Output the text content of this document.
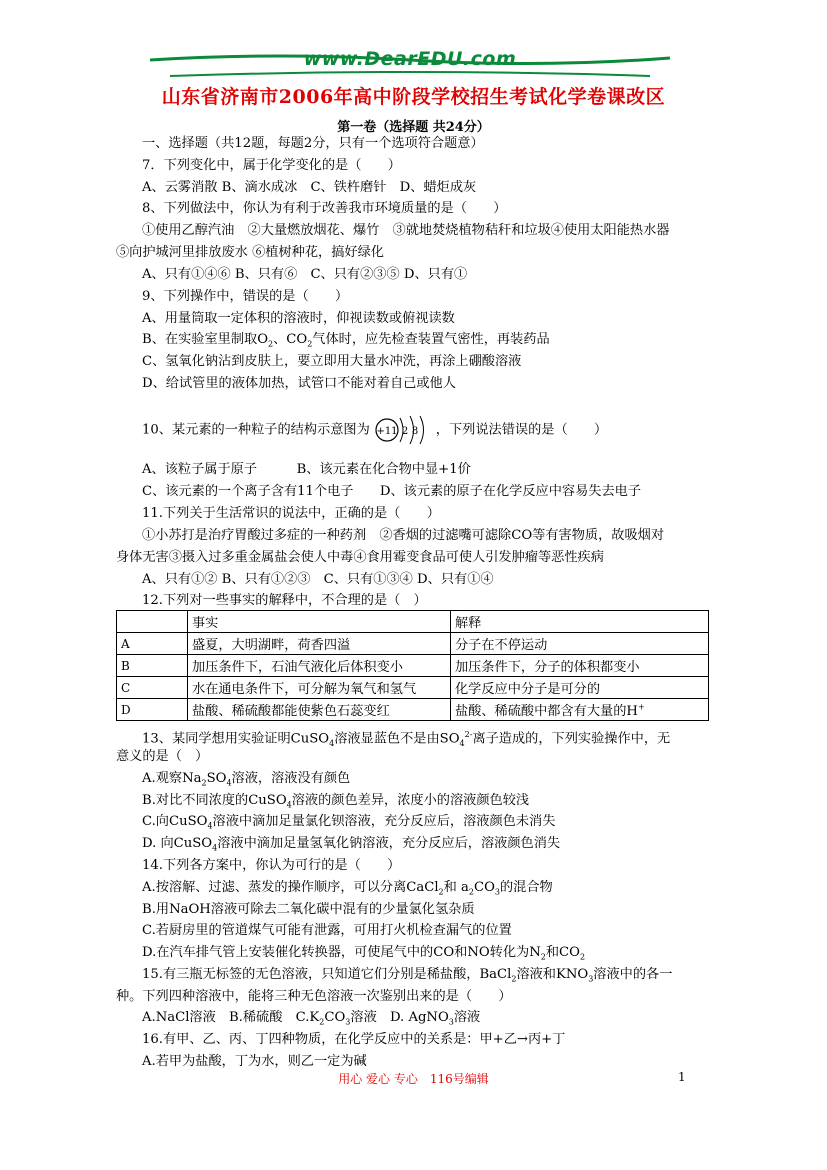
www.DearEDU.com
山东省济南市2006年高中阶段学校招生考试化学卷课改区
第一卷（选择题 共24分）
一、选择题（共12题，每题2分，只有一个选项符合题意）
7．下列变化中，属于化学变化的是（　　）
A、云雾消散 B、滴水成冰　C、铁杵磨针　D、蜡炬成灰
8、下列做法中，你认为有利于改善我市环境质量的是（　　）
①使用乙醇汽油　②大量燃放烟花、爆竹　③就地焚烧植物秸秆和垃圾④使用太阳能热水器
⑤向护城河里排放废水 ⑥植树种花，搞好绿化
A、只有①④⑥ B、只有⑥　C、只有②③⑤ D、只有①
9、下列操作中，错误的是（　　）
A、用量筒取一定体积的溶液时，仰视读数或俯视读数
C、氢氧化钠沾到皮肤上，要立即用大量水冲洗，再涂上硼酸溶液
D、给试管里的液体加热，试管口不能对着自己或他人
A、该粒子属于原子　　　B、该元素在化合物中显+1价
C、该元素的一个离子含有11个电子　　D、该元素的原子在化学反应中容易失去电子
11.下列关于生活常识的说法中，正确的是（　　）
①小苏打是治疗胃酸过多症的一种药剂　②香烟的过滤嘴可滤除CO等有害物质，故吸烟对
身体无害③摄入过多重金属盐会使人中毒④食用霉变食品可使人引发肿瘤等恶性疾病
A、只有①② B、只有①②③　C、只有①③④ D、只有①④
12.下列对一些事实的解释中，不合理的是（　）
意义的是（　）
14.下列各方案中，你认为可行的是（　　）
B.用NaOH溶液可除去二氧化碳中混有的少量氯化氢杂质
C.若厨房里的管道煤气可能有泄露，可用打火机检查漏气的位置
种。下列四种溶液中，能将三种无色溶液一次鉴别出来的是（　　）
16.有甲、乙、丙、丁四种物质，在化学反应中的关系是：甲+乙→丙+丁
A.若甲为盐酸，丁为水，则乙一定为碱
B、在实验室里制取$O_2$、$CO_2$气体时，应先检查装置气密性，再装药品
10、某元素的一种粒子的结构示意图为 +11 2 8 ，下列说法错误的是（　　）
	事实	解释
A	盛夏，大明湖畔，荷香四溢	分子在不停运动
B	加压条件下，石油气液化后体积变小	加压条件下，分子的体积都变小
C	水在通电条件下，可分解为氧气和氢气	化学反应中分子是可分的
D	盐酸、稀硫酸都能使紫色石蕊变红	盐酸、稀硫酸中都含有大量的H+
13、某同学想用实验证明CuSO$_4$溶液显蓝色不是由$SO_4^{2-}$离子造成的，下列实验操作中，无
A.观察$Na_2SO_4$溶液，溶液没有颜色
B.对比不同浓度的CuSO$_4$溶液的颜色差异，浓度小的溶液颜色较浅
C.向CuSO$_4$溶液中滴加足量氯化钡溶液，充分反应后，溶液颜色未消失
D. 向CuSO$_4$溶液中滴加足量氢氧化钠溶液，充分反应后，溶液颜色消失
A.按溶解、过滤、蒸发的操作顺序，可以分离CaCl$_2$和 $a_2CO_3$的混合物
D.在汽车排气管上安装催化转换器，可使尾气中的CO和NO转化为$N_2$和$CO_2$
15.有三瓶无标签的无色溶液，只知道它们分别是稀盐酸，BaCl$_2$溶液和$KNO_3$溶液中的各一
A.NaCl溶液　B.稀硫酸　$C.K_2CO_3$溶液　D. AgNO$_3$溶液
用心 爱心 专心　116号编辑	1
